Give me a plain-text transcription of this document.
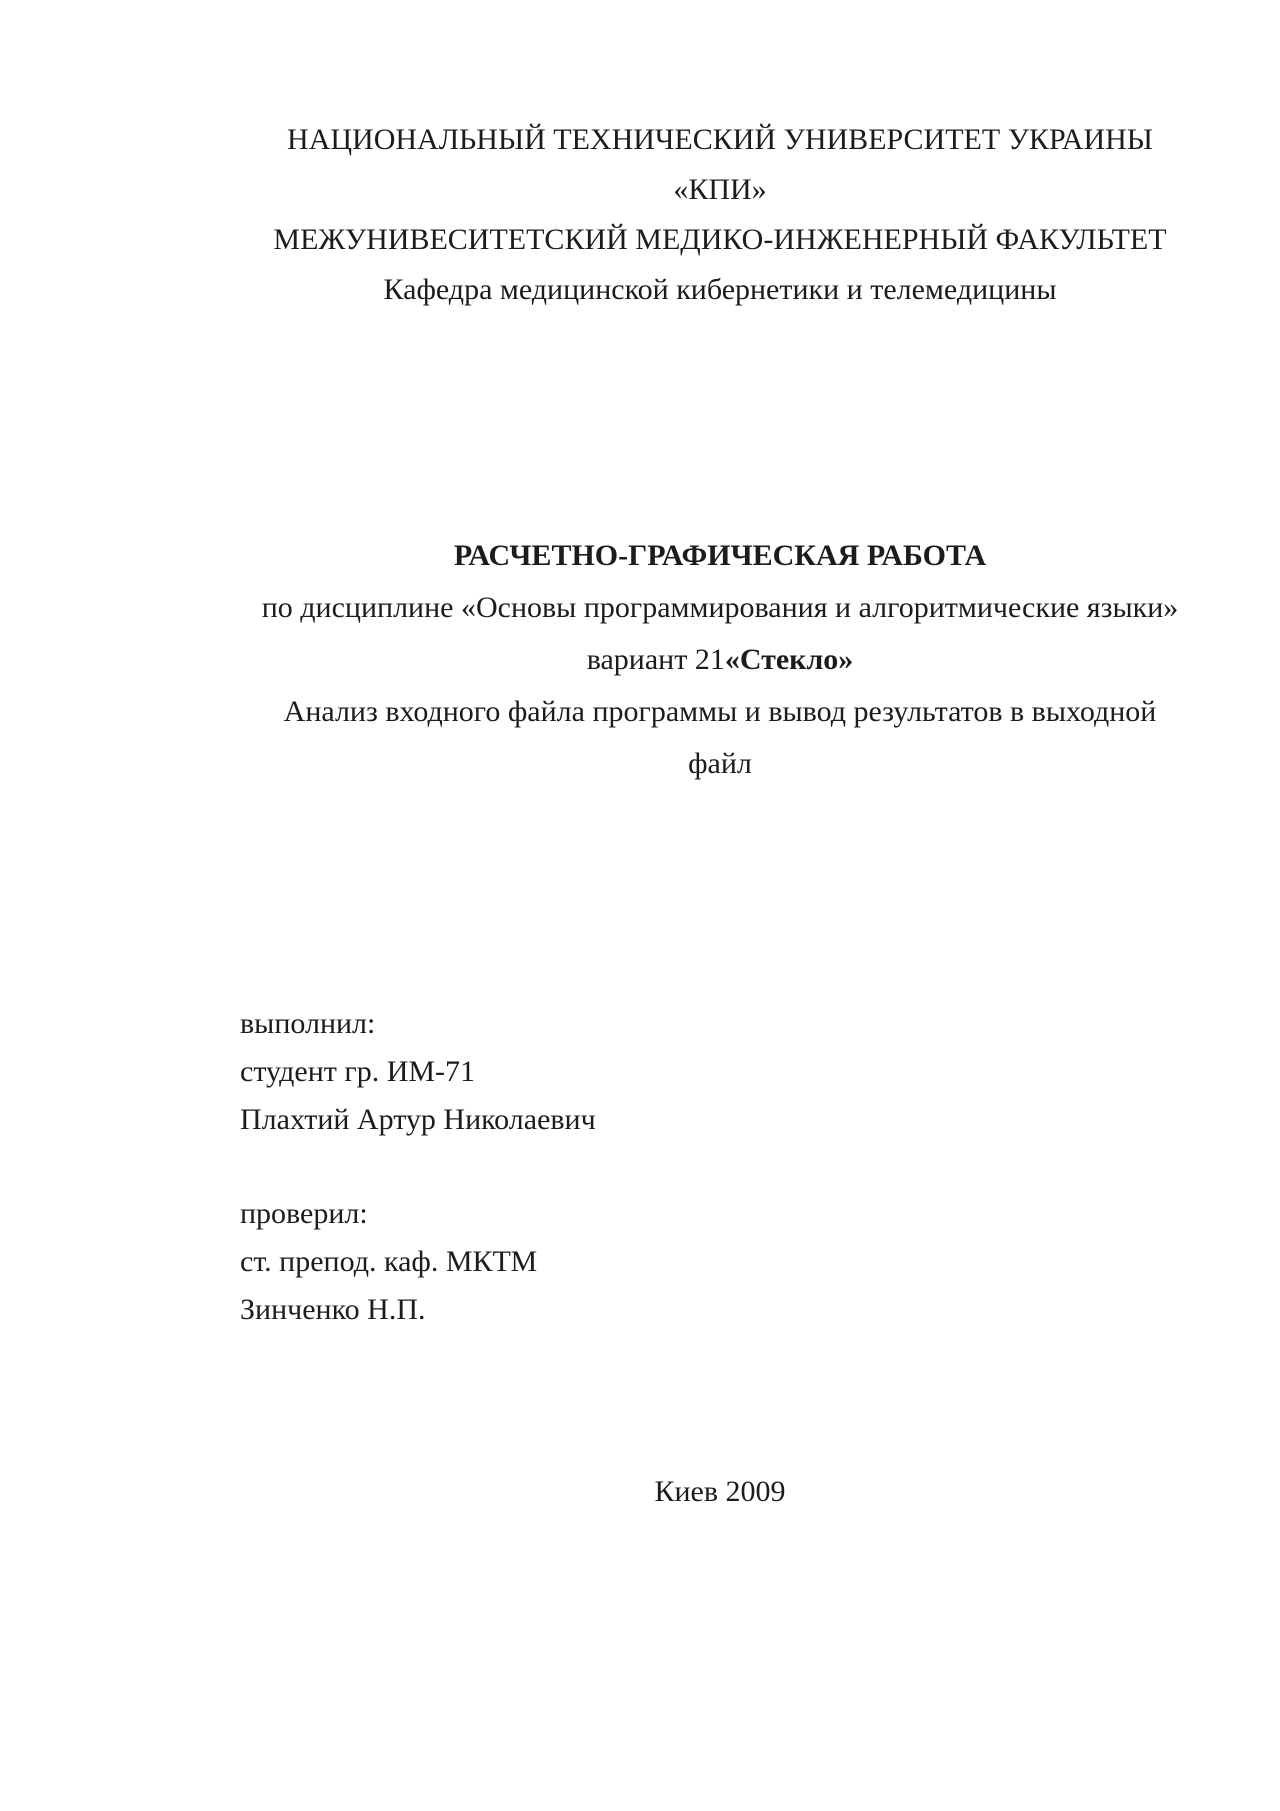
НАЦИОНАЛЬНЫЙ ТЕХНИЧЕСКИЙ УНИВЕРСИТЕТ УКРАИНЫ
«КПИ»
МЕЖУНИВЕСИТЕТСКИЙ МЕДИКО-ИНЖЕНЕРНЫЙ ФАКУЛЬТЕТ
Кафедра медицинской кибернетики и телемедицины
РАСЧЕТНО-ГРАФИЧЕСКАЯ РАБОТА
по дисциплине «Основы программирования и алгоритмические языки»
вариант 21«Стекло»
Анализ входного файла программы и вывод результатов в выходной
файл
выполнил:
студент гр. ИМ-71
Плахтий Артур Николаевич
проверил:
ст. препод. каф. МКТМ
Зинченко Н.П.
Киев 2009
